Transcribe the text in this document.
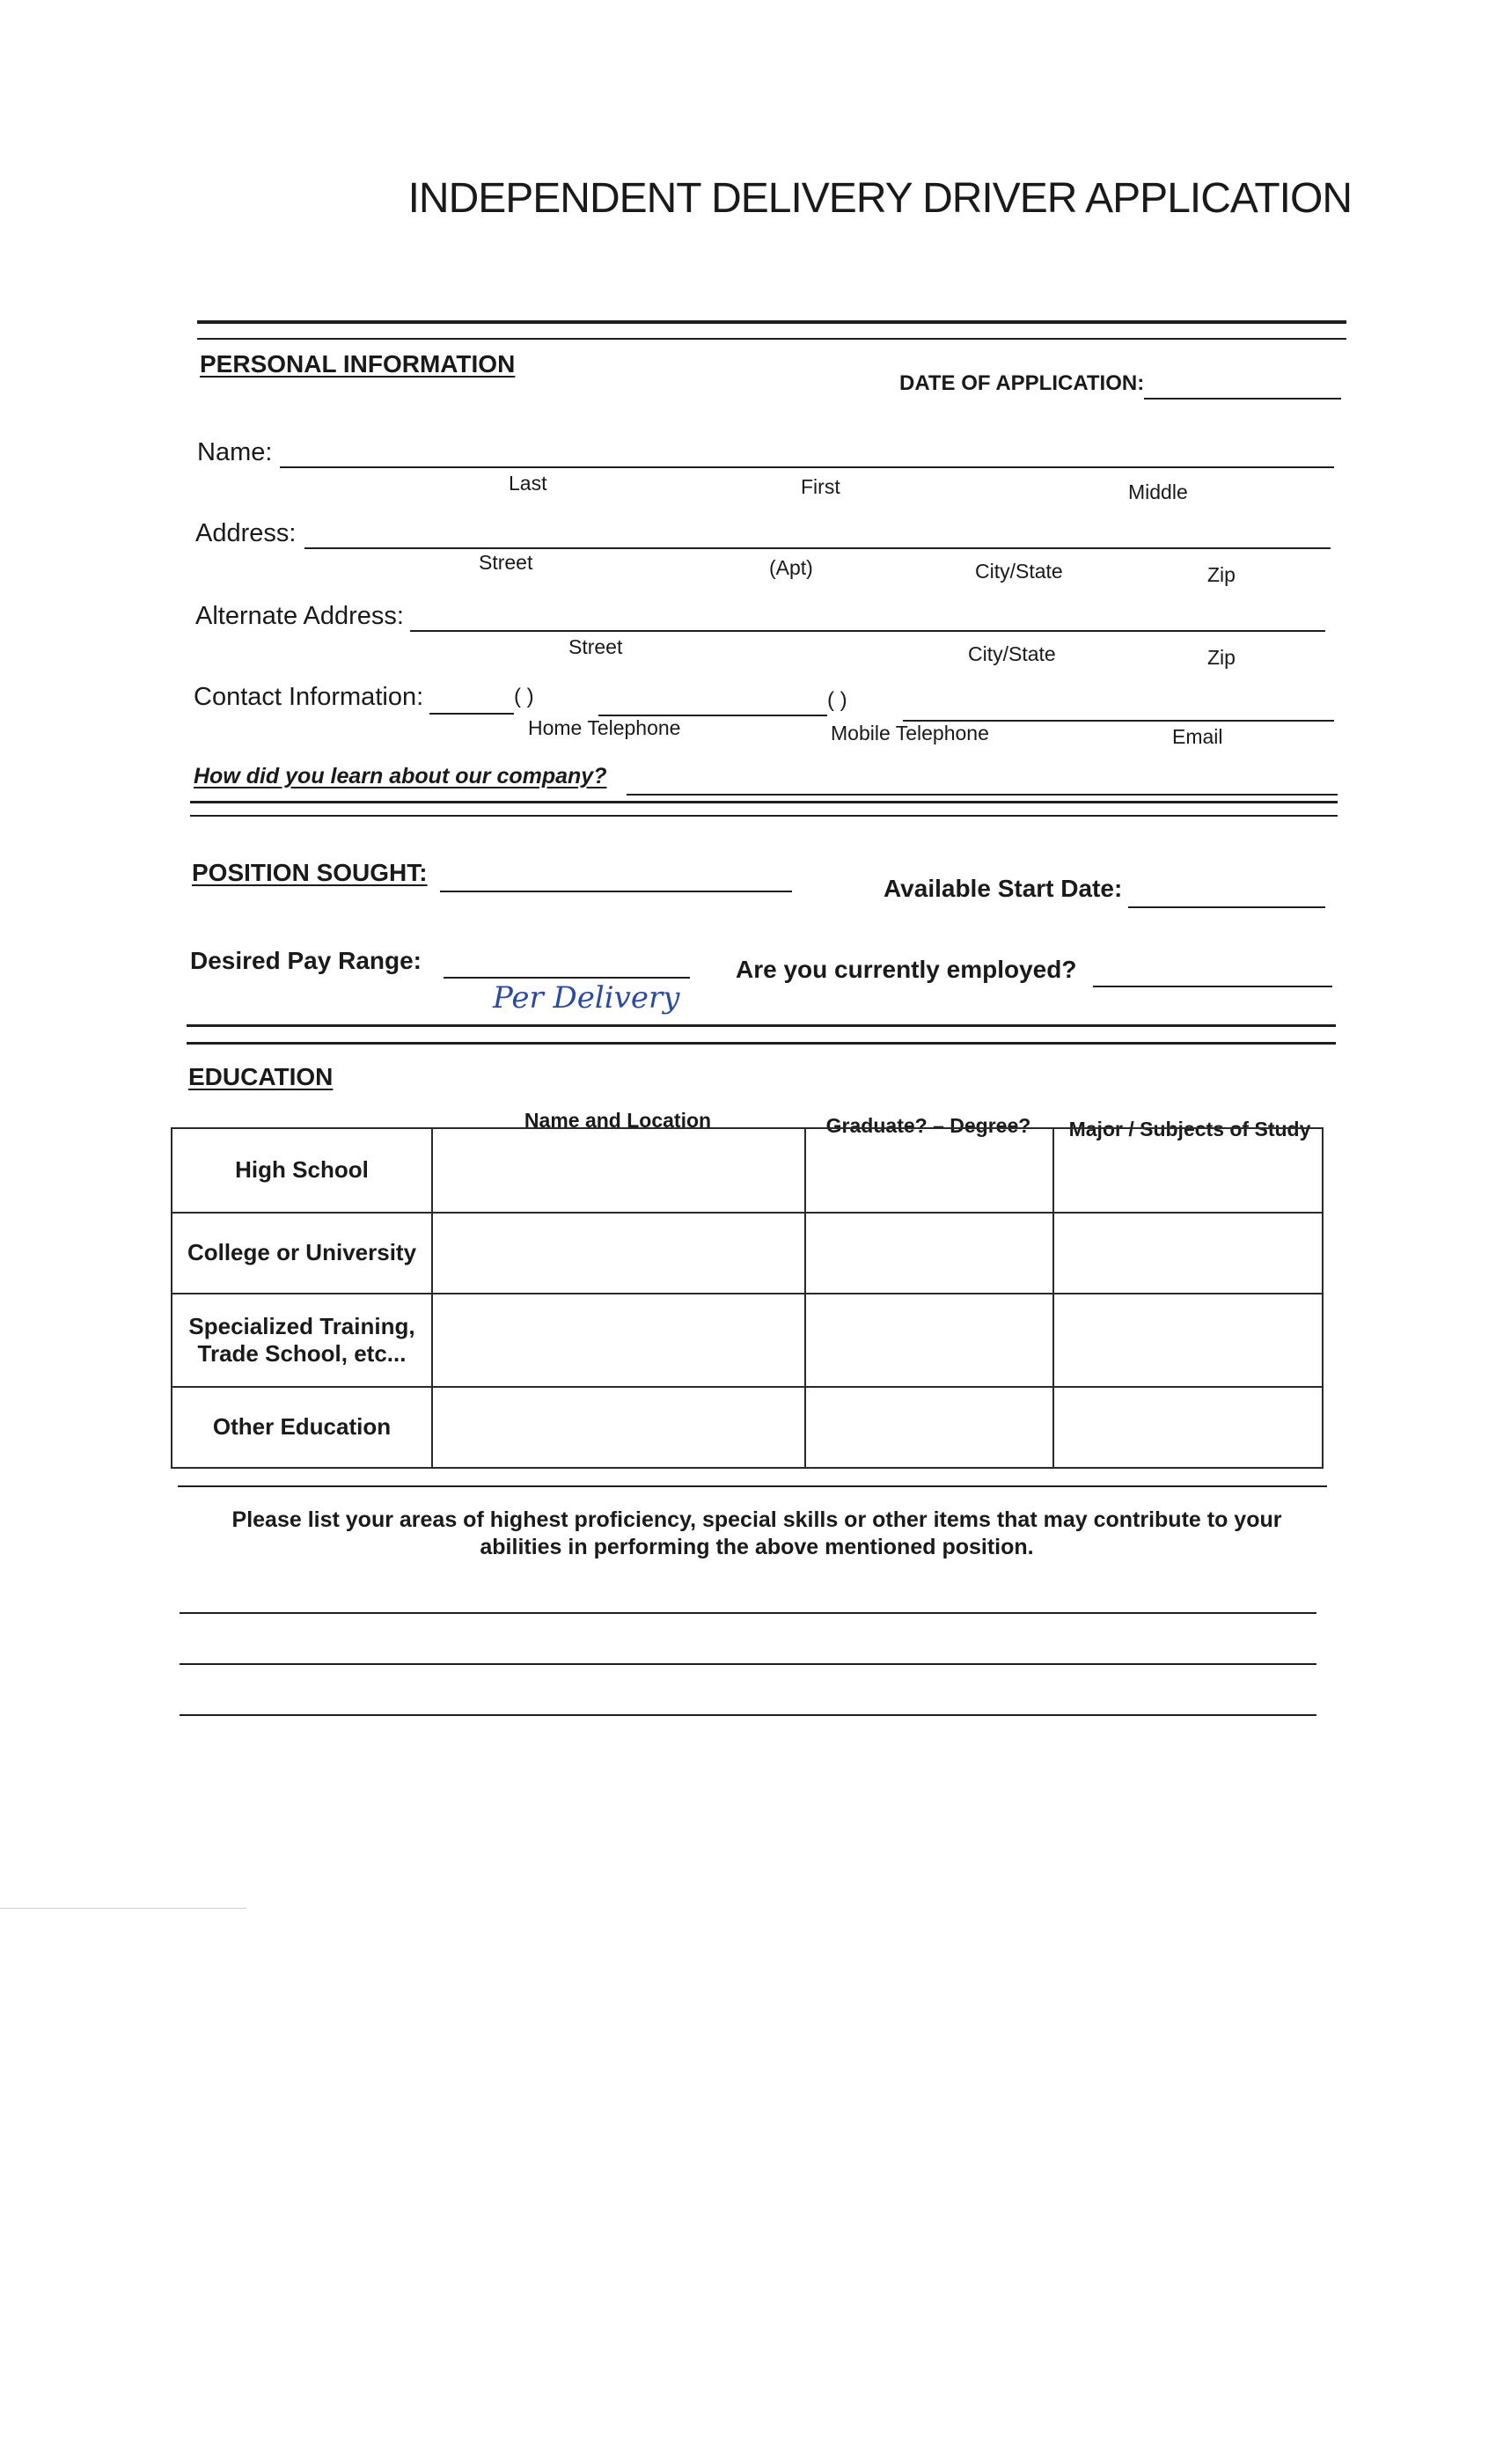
INDEPENDENT DELIVERY DRIVER APPLICATION
PERSONAL INFORMATION
DATE OF APPLICATION:
Name:
Last	First	Middle
Address:
Street	(Apt)	City/State	Zip
Alternate Address:
Street	City/State	Zip
Contact Information:	( )	( )
Home Telephone	Mobile Telephone	Email
How did you learn about our company?
POSITION SOUGHT:
Available Start Date:
Desired Pay Range:
Per Delivery
Are you currently employed?
EDUCATION
Name and Location	Graduate? – Degree?	Major / Subjects of Study
High School			
College or University			
Specialized Training, Trade School, etc...			
Other Education			
Please list your areas of highest proficiency, special skills or other items that may contribute to your abilities in performing the above mentioned position.
